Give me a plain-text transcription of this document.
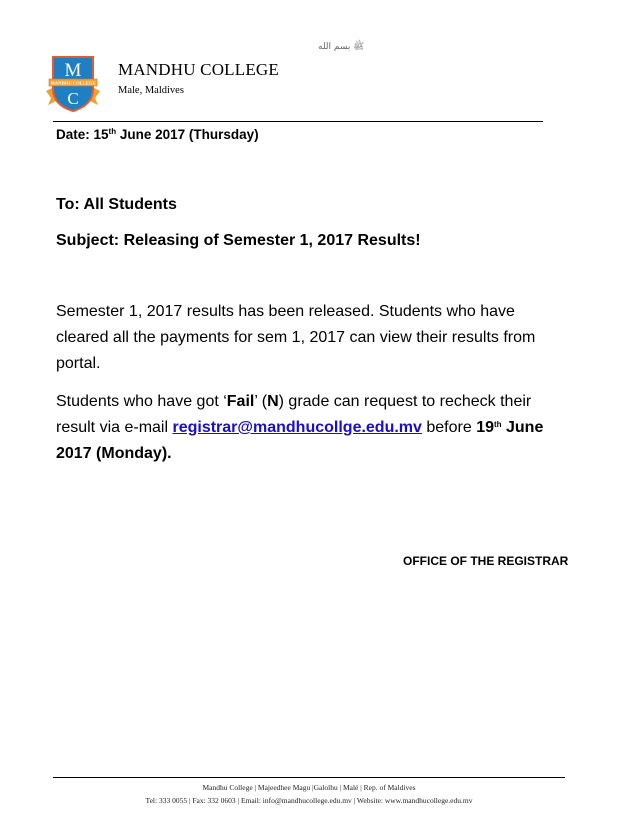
ﷺ بسم الله
MANDHU COLLEGE
M
C
MANDHU COLLEGE
Male, Maldives
Date: 15th June 2017 (Thursday)
To: All Students
Subject: Releasing of Semester 1, 2017 Results!
Semester 1, 2017 results has been released. Students who have cleared all the payments for sem 1, 2017 can view their results from portal.
Students who have got ‘Fail’ (N) grade can request to recheck their result via e-mail registrar@mandhucollge.edu.mv before 19th June 2017 (Monday).
OFFICE OF THE REGISTRAR
Mandhu College | Majeedhee Magu |Galolhu | Malé | Rep. of Maldives
Tel: 333 0055 | Fax: 332 0603 | Email: info@mandhucollege.edu.mv | Website: www.mandhucollege.edu.mv
